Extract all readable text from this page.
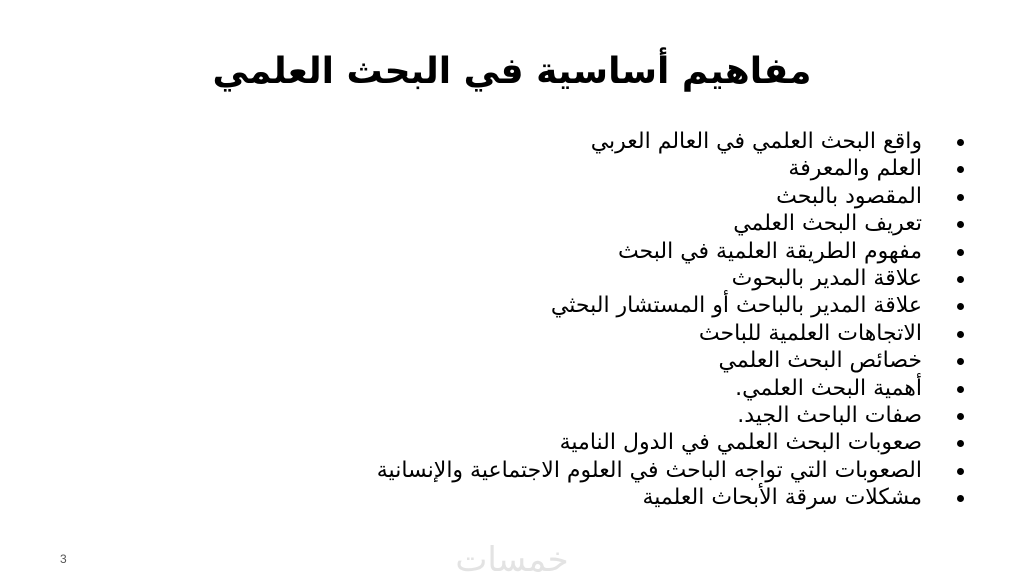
مفاهيم أساسية في البحث العلمي
واقع البحث العلمي في العالم العربي
العلم والمعرفة
المقصود بالبحث
تعريف البحث العلمي
مفهوم الطريقة العلمية في البحث
علاقة المدير بالبحوث
علاقة المدير بالباحث أو المستشار البحثي
الاتجاهات العلمية للباحث
خصائص البحث العلمي
أهمية البحث العلمي.
صفات الباحث الجيد.
صعوبات البحث العلمي في الدول النامية
الصعوبات التي تواجه الباحث في العلوم الاجتماعية والإنسانية
مشكلات سرقة الأبحاث العلمية
3	خمسات
